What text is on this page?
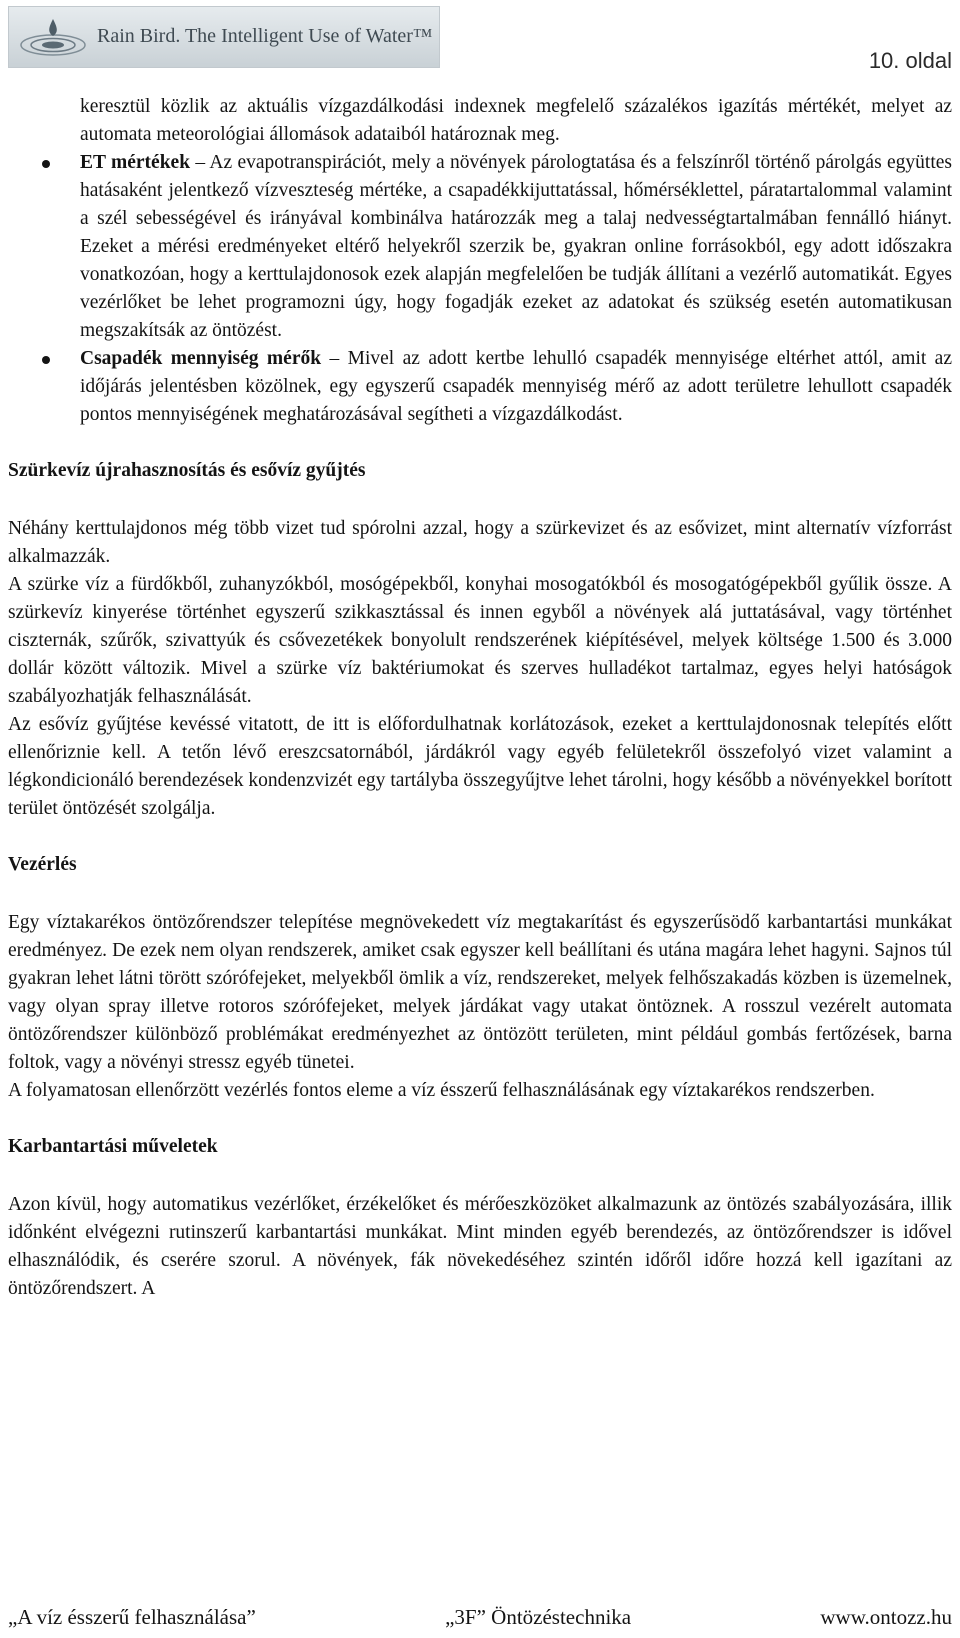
Rain Bird. The Intelligent Use of Water™
10. oldal

keresztül közlik az aktuális vízgazdálkodási indexnek megfelelő százalékos igazítás mértékét, melyet az automata meteorológiai állomások adataiból határoznak meg.

ET mértékek – Az evapotranspirációt, mely a növények párologtatása és a felszínről történő párolgás együttes hatásaként jelentkező vízveszteség mértéke, a csapadékkijuttatással, hőmérséklettel, páratartalommal valamint a szél sebességével és irányával kombinálva határozzák meg a talaj nedvességtartalmában fennálló hiányt. Ezeket a mérési eredményeket eltérő helyekről szerzik be, gyakran online forrásokból, egy adott időszakra vonatkozóan, hogy a kerttulajdonosok ezek alapján megfelelően be tudják állítani a vezérlő automatikát. Egyes vezérlőket be lehet programozni úgy, hogy fogadják ezeket az adatokat és szükség esetén automatikusan megszakítsák az öntözést.
Csapadék mennyiség mérők – Mivel az adott kertbe lehulló csapadék mennyisége eltérhet attól, amit az időjárás jelentésben közölnek, egy egyszerű csapadék mennyiség mérő az adott területre lehullott csapadék pontos mennyiségének meghatározásával segítheti a vízgazdálkodást.
Szürkevíz újrahasznosítás és esővíz gyűjtés

Néhány kerttulajdonos még több vizet tud spórolni azzal, hogy a szürkevizet és az esővizet, mint alternatív vízforrást alkalmazzák.

A szürke víz a fürdőkből, zuhanyzókból, mosógépekből, konyhai mosogatókból és mosogatógépekből gyűlik össze. A szürkevíz kinyerése történhet egyszerű szikkasztással és innen egyből a növények alá juttatásával, vagy történhet ciszternák, szűrők, szivattyúk és csővezetékek bonyolult rendszerének kiépítésével, melyek költsége 1.500 és 3.000 dollár között változik. Mivel a szürke víz baktériumokat és szerves hulladékot tartalmaz, egyes helyi hatóságok szabályozhatják felhasználását.

Az esővíz gyűjtése kevéssé vitatott, de itt is előfordulhatnak korlátozások, ezeket a kerttulajdonosnak telepítés előtt ellenőriznie kell. A tetőn lévő ereszcsatornából, járdákról vagy egyéb felületekről összefolyó vizet valamint a légkondicionáló berendezések kondenzvizét egy tartályba összegyűjtve lehet tárolni, hogy később a növényekkel borított terület öntözését szolgálja.

Vezérlés

Egy víztakarékos öntözőrendszer telepítése megnövekedett víz megtakarítást és egyszerűsödő karbantartási munkákat eredményez. De ezek nem olyan rendszerek, amiket csak egyszer kell beállítani és utána magára lehet hagyni. Sajnos túl gyakran lehet látni törött szórófejeket, melyekből ömlik a víz, rendszereket, melyek felhőszakadás közben is üzemelnek, vagy olyan spray illetve rotoros szórófejeket, melyek járdákat vagy utakat öntöznek. A rosszul vezérelt automata öntözőrendszer különböző problémákat eredményezhet az öntözött területen, mint például gombás fertőzések, barna foltok, vagy a növényi stressz egyéb tünetei.

A folyamatosan ellenőrzött vezérlés fontos eleme a víz ésszerű felhasználásának egy víztakarékos rendszerben.

Karbantartási műveletek

Azon kívül, hogy automatikus vezérlőket, érzékelőket és mérőeszközöket alkalmazunk az öntözés szabályozására, illik időnként elvégezni rutinszerű karbantartási munkákat. Mint minden egyéb berendezés, az öntözőrendszer is idővel elhasználódik, és cserére szorul. A növények, fák növekedéséhez szintén időről időre hozzá kell igazítani az öntözőrendszert. A

„A víz ésszerű felhasználása”	„3F” Öntözéstechnika	www.ontozz.hu
